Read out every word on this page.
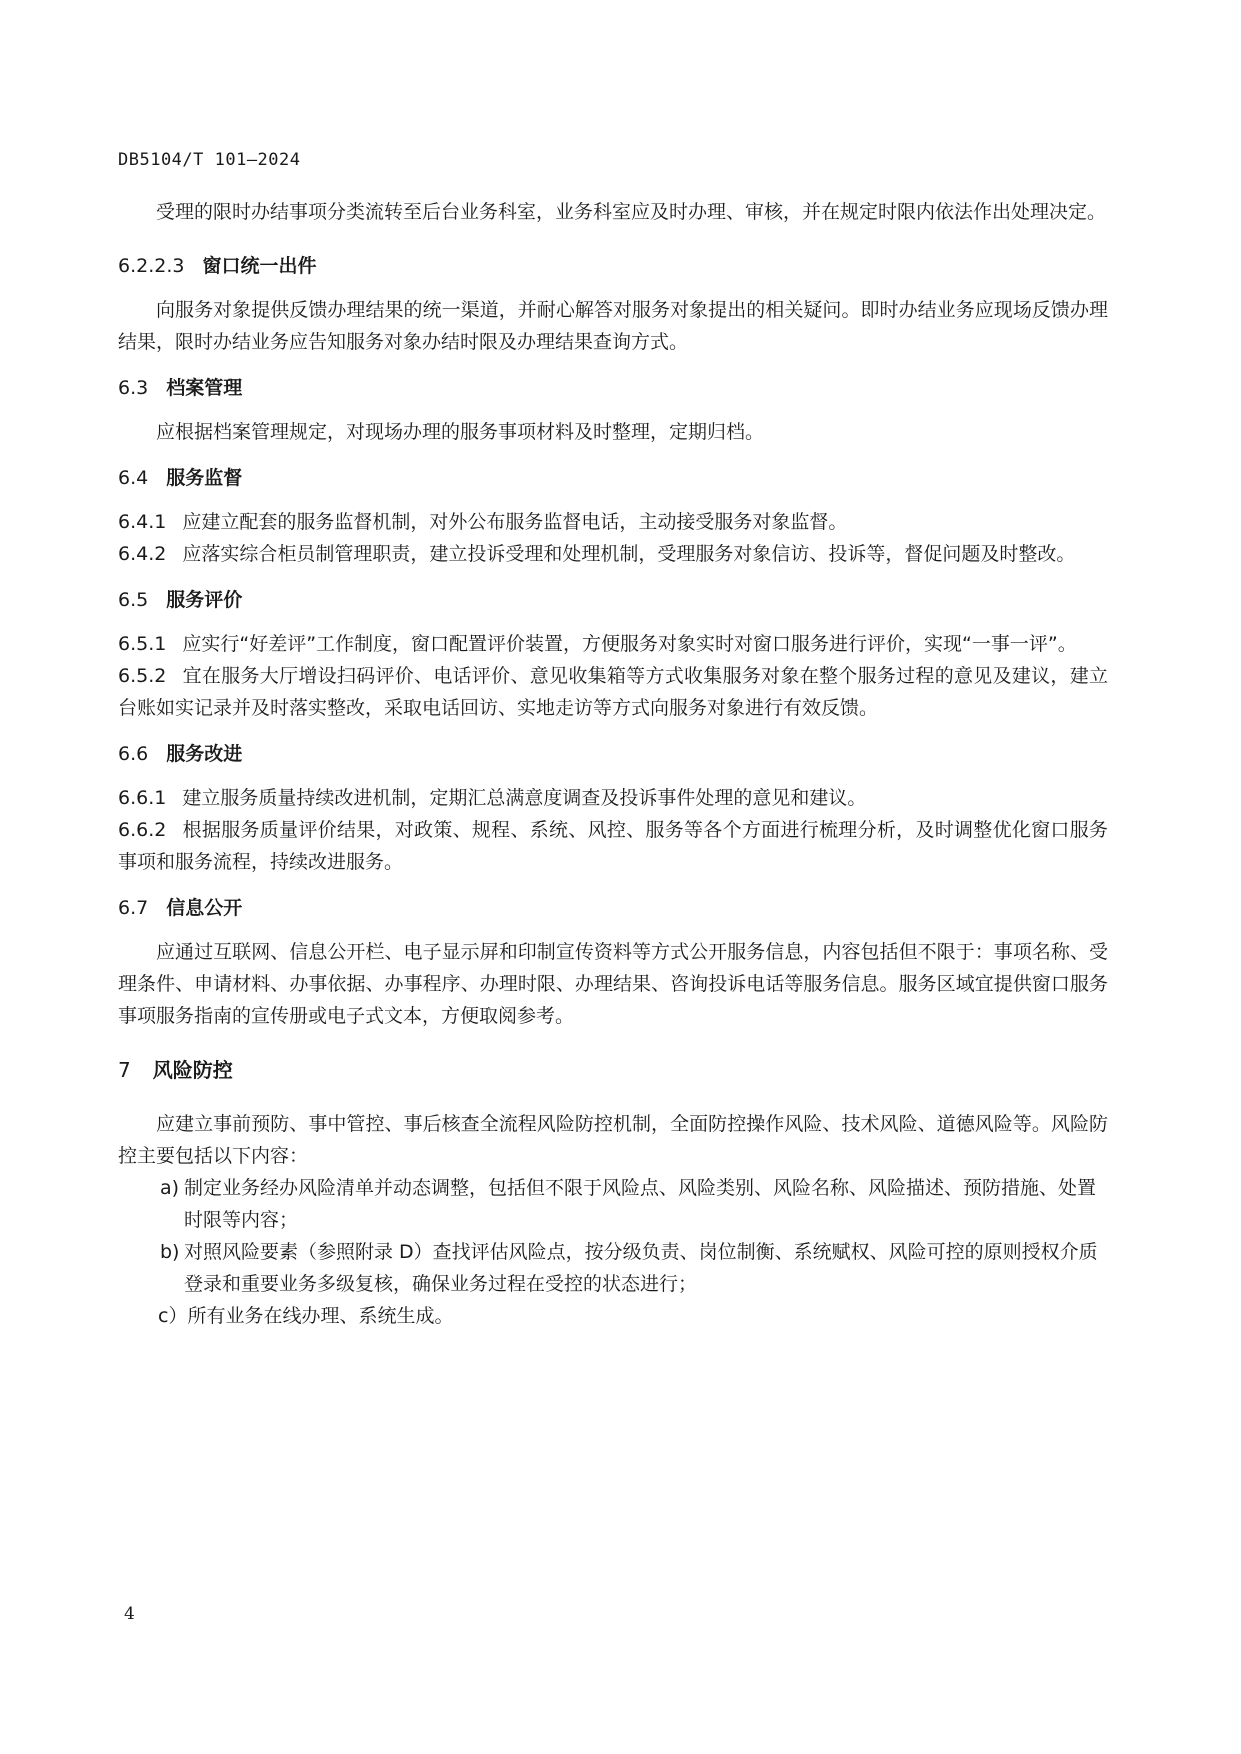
DB5104/T 101—2024

受理的限时办结事项分类流转至后台业务科室，业务科室应及时办理、审核，并在规定时限内依法作出处理决定。

6.2.2.3 窗口统一出件

向服务对象提供反馈办理结果的统一渠道，并耐心解答对服务对象提出的相关疑问。即时办结业务应现场反馈办理结果，限时办结业务应告知服务对象办结时限及办理结果查询方式。

6.3 档案管理

应根据档案管理规定，对现场办理的服务事项材料及时整理，定期归档。

6.4 服务监督

6.4.1 应建立配套的服务监督机制，对外公布服务监督电话，主动接受服务对象监督。

6.4.2 应落实综合柜员制管理职责，建立投诉受理和处理机制，受理服务对象信访、投诉等，督促问题及时整改。

6.5 服务评价

6.5.1 应实行“好差评”工作制度，窗口配置评价装置，方便服务对象实时对窗口服务进行评价，实现“一事一评”。

6.5.2 宜在服务大厅增设扫码评价、电话评价、意见收集箱等方式收集服务对象在整个服务过程的意见及建议，建立台账如实记录并及时落实整改，采取电话回访、实地走访等方式向服务对象进行有效反馈。

6.6 服务改进

6.6.1 建立服务质量持续改进机制，定期汇总满意度调查及投诉事件处理的意见和建议。

6.6.2 根据服务质量评价结果，对政策、规程、系统、风控、服务等各个方面进行梳理分析，及时调整优化窗口服务事项和服务流程，持续改进服务。

6.7 信息公开

应通过互联网、信息公开栏、电子显示屏和印制宣传资料等方式公开服务信息，内容包括但不限于：事项名称、受理条件、申请材料、办事依据、办事程序、办理时限、办理结果、咨询投诉电话等服务信息。服务区域宜提供窗口服务事项服务指南的宣传册或电子式文本，方便取阅参考。

7 风险防控

应建立事前预防、事中管控、事后核查全流程风险防控机制，全面防控操作风险、技术风险、道德风险等。风险防控主要包括以下内容：

a) 制定业务经办风险清单并动态调整，包括但不限于风险点、风险类别、风险名称、风险描述、预防措施、处置时限等内容；

b) 对照风险要素（参照附录 D）查找评估风险点，按分级负责、岗位制衡、系统赋权、风险可控的原则授权介质登录和重要业务多级复核，确保业务过程在受控的状态进行；

c）所有业务在线办理、系统生成。

4
